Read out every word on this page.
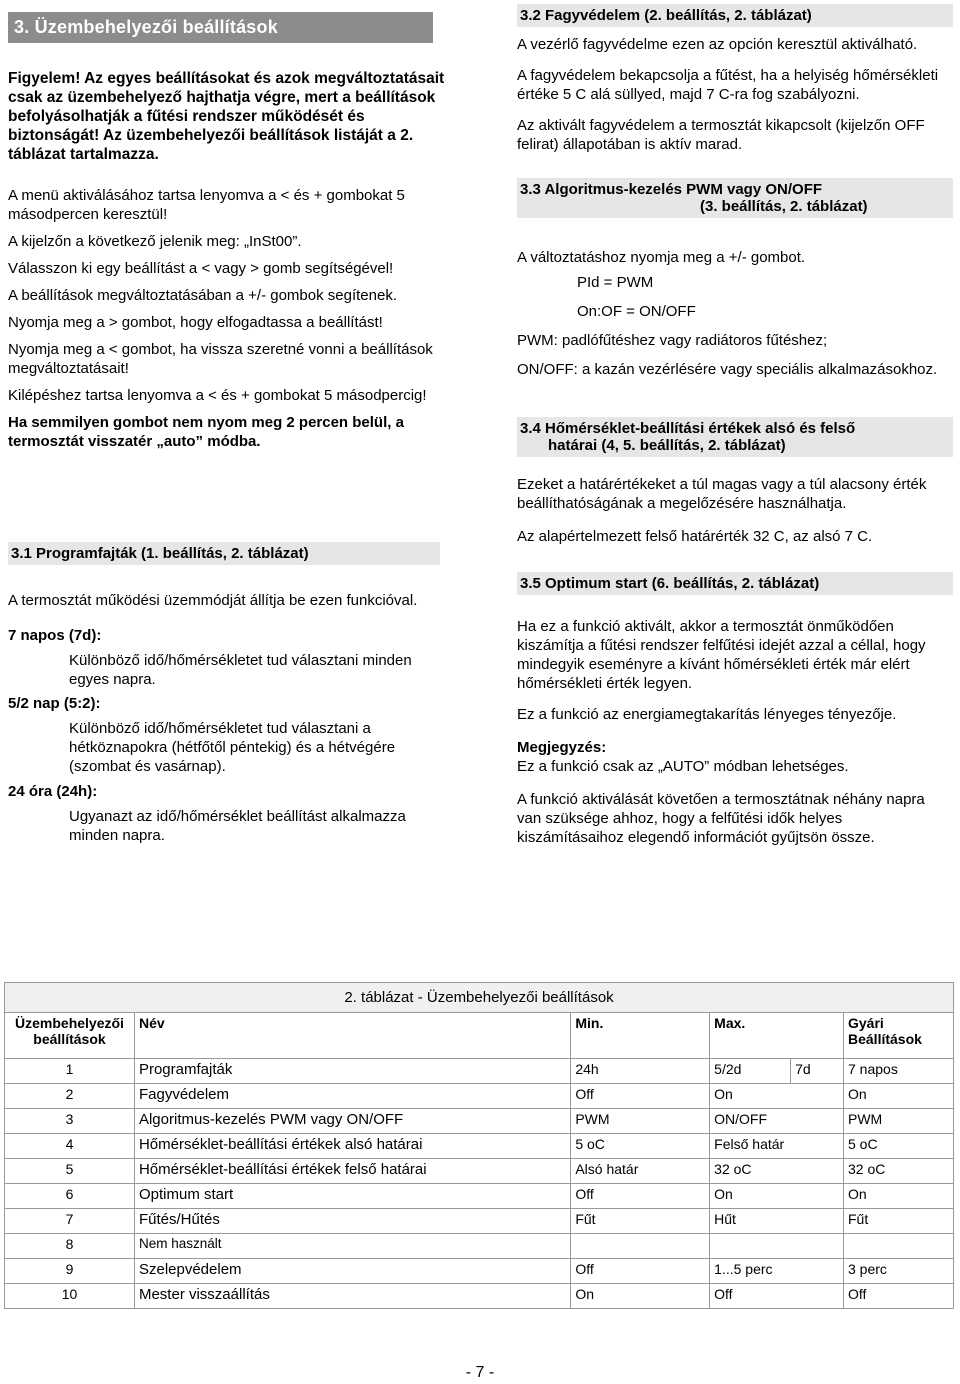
3. Üzembehelyezői beállítások

Figyelem! Az egyes beállításokat és azok megváltoztatásait csak az üzembehelyező hajthatja végre, mert a beállítások befolyásolhatják a fűtési rendszer működését és biztonságát! Az üzembehelyezői beállítások listáját a 2. táblázat tartalmazza.

A menü aktiválásához tartsa lenyomva a < és + gombokat 5 másodpercen keresztül!

A kijelzőn a következő jelenik meg: „InSt00”.

Válasszon ki egy beállítást a < vagy > gomb segítségével!

A beállítások megváltoztatásában a +/- gombok segítenek.

Nyomja meg a > gombot, hogy elfogadtassa a beállítást!

Nyomja meg a < gombot, ha vissza szeretné vonni a beállítások megváltoztatásait!

Kilépéshez tartsa lenyomva a < és + gombokat 5 másodpercig!

Ha semmilyen gombot nem nyom meg 2 percen belül, a termosztát visszatér „auto” módba.

3.1 Programfajták (1. beállítás, 2. táblázat)

A termosztát működési üzemmódját állítja be ezen funkcióval.

7 napos (7d):

Különböző idő/hőmérsékletet tud választani minden egyes napra.

5/2 nap (5:2):

Különböző idő/hőmérsékletet tud választani a hétköznapokra (hétfőtől péntekig) és a hétvégére (szombat és vasárnap).

24 óra (24h):

Ugyanazt az idő/hőmérséklet beállítást alkalmazza minden napra.

3.2 Fagyvédelem (2. beállítás, 2. táblázat)

A vezérlő fagyvédelme ezen az opción keresztül aktiválható.

A fagyvédelem bekapcsolja a fűtést, ha a helyiség hőmérsékleti értéke 5 C alá süllyed, majd 7 C-ra fog szabályozni.

Az aktivált fagyvédelem a termosztát kikapcsolt (kijelzőn OFF felirat) állapotában is aktív marad.

3.3 Algoritmus-kezelés PWM vagy ON/OFF
(3. beállítás, 2. táblázat)

A változtatáshoz nyomja meg a +/- gombot.

PId = PWM

On:OF = ON/OFF

PWM: padlófűtéshez vagy radiátoros fűtéshez;

ON/OFF: a kazán vezérlésére vagy speciális alkalmazásokhoz.

3.4 Hőmérséklet-beállítási értékek alsó és felső
határai (4, 5. beállítás, 2. táblázat)

Ezeket a határértékeket a túl magas vagy a túl alacsony érték beállíthatóságának a megelőzésére használhatja.

Az alapértelmezett felső határérték 32 C, az alsó 7 C.

3.5 Optimum start (6. beállítás, 2. táblázat)

Ha ez a funkció aktivált, akkor a termosztát önműködően kiszámítja a fűtési rendszer felfűtési idejét azzal a céllal, hogy mindegyik eseményre a kívánt hőmérsékleti érték már elért hőmérsékleti érték legyen.

Ez a funkció az energiamegtakarítás lényeges tényezője.

Megjegyzés:

Ez a funkció csak az „AUTO” módban lehetséges.

A funkció aktiválását követően a termosztátnak néhány napra van szüksége ahhoz, hogy a felfűtési idők helyes kiszámításaihoz elegendő információt gyűjtsön össze.

2. táblázat - Üzembehelyezői beállítások					
Üzembehelyezői beállítások	Név	Min.	Max.		Gyári Beállítások
1	Programfajták	24h	5/2d	7d	7 napos
2	Fagyvédelem	Off	On		On
3	Algoritmus-kezelés PWM vagy ON/OFF	PWM	ON/OFF		PWM
4	Hőmérséklet-beállítási értékek alsó határai	5 oC	Felső határ		5 oC
5	Hőmérséklet-beállítási értékek felső határai	Alsó határ	32 oC		32 oC
6	Optimum start	Off	On		On
7	Fűtés/Hűtés	Fűt	Hűt		Fűt
8	Nem használt				
9	Szelepvédelem	Off	1...5 perc		3 perc
10	Mester visszaállítás	On	Off		Off
- 7 -
